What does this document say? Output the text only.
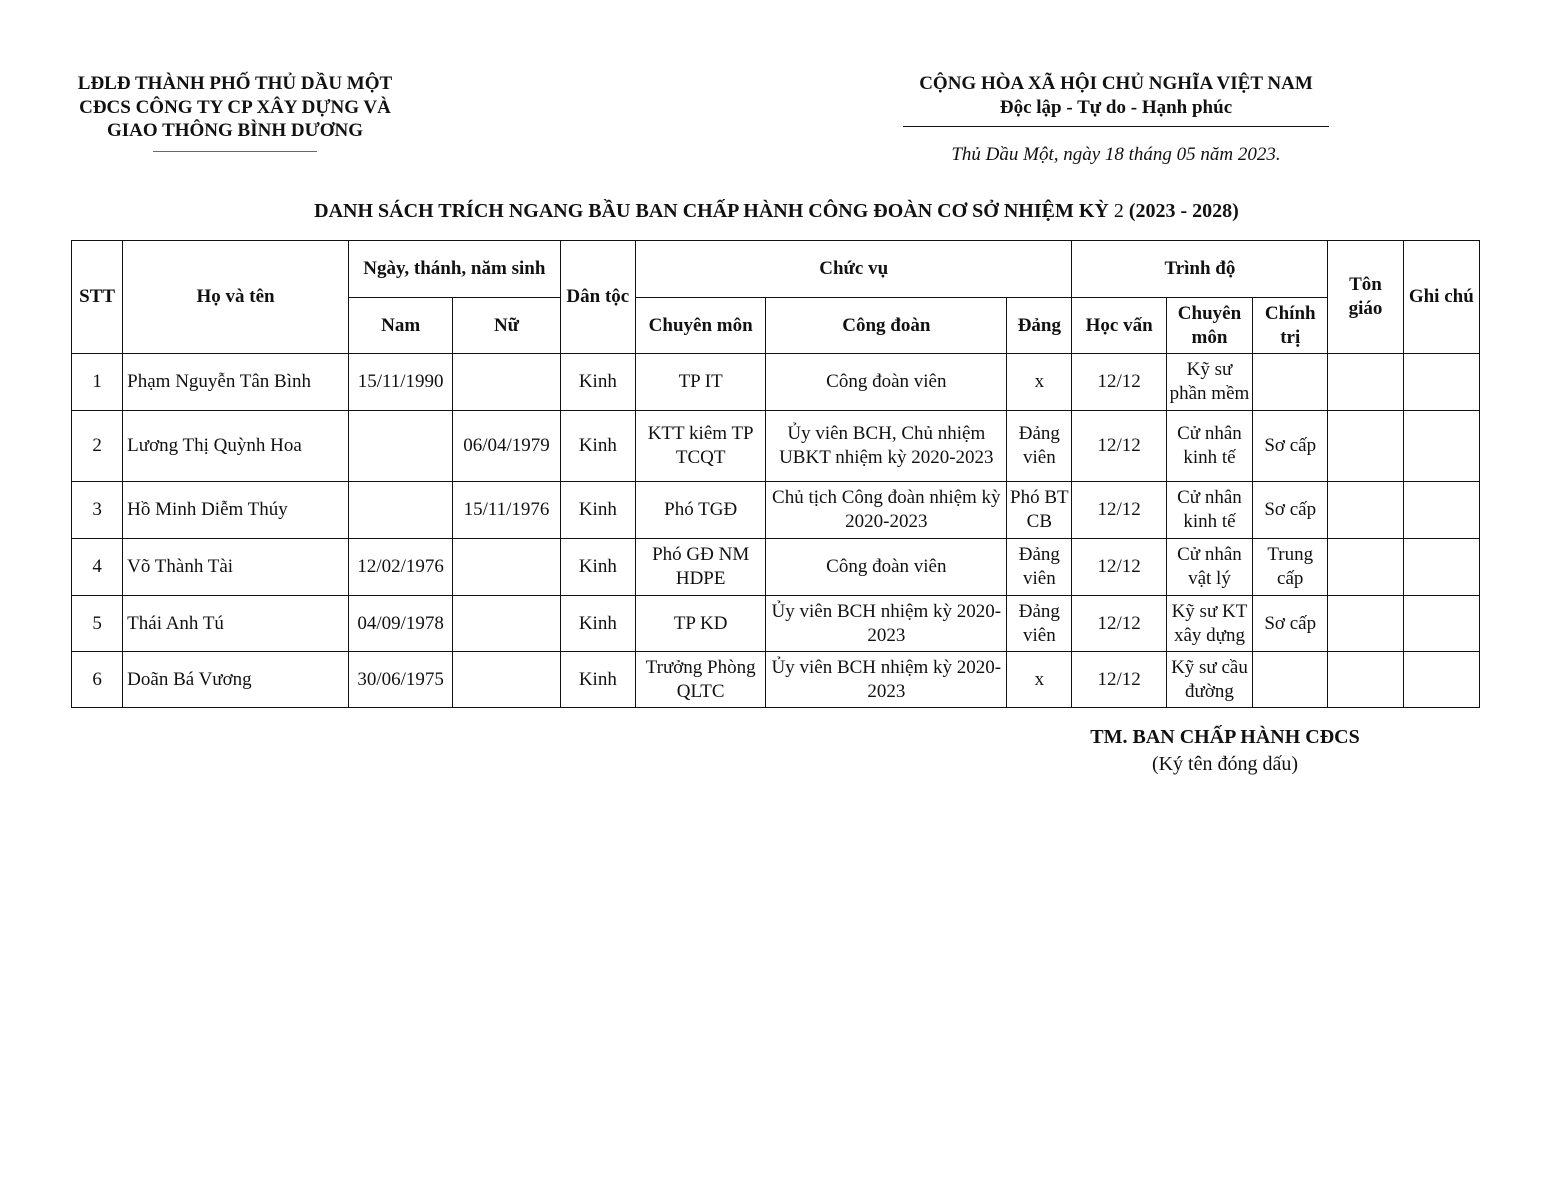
LĐLĐ THÀNH PHỐ THỦ DẦU MỘT
CĐCS CÔNG TY CP XÂY DỰNG VÀ
GIAO THÔNG BÌNH DƯƠNG
CỘNG HÒA XÃ HỘI CHỦ NGHĨA VIỆT NAM
Độc lập - Tự do - Hạnh phúc
Thủ Dầu Một, ngày 18 tháng 05 năm 2023.
DANH SÁCH TRÍCH NGANG BẦU BAN CHẤP HÀNH CÔNG ĐOÀN CƠ SỞ NHIỆM KỲ 2 (2023 - 2028)
STT	Họ và tên	Ngày, thánh, năm sinh		Dân tộc	Chức vụ			Trình độ			Tôn giáo	Ghi chú
		Nam	Nữ		Chuyên môn	Công đoàn	Đảng	Học vấn	Chuyên môn	Chính trị		
1	Phạm Nguyễn Tân Bình	15/11/1990		Kinh	TP IT	Công đoàn viên	x	12/12	Kỹ sư phần mềm			
2	Lương Thị Quỳnh Hoa		06/04/1979	Kinh	KTT kiêm TP TCQT	Ủy viên BCH, Chủ nhiệm UBKT nhiệm kỳ 2020-2023	Đảng viên	12/12	Cử nhân kinh tế	Sơ cấp		
3	Hồ Minh Diễm Thúy		15/11/1976	Kinh	Phó TGĐ	Chủ tịch Công đoàn nhiệm kỳ 2020-2023	Phó BT CB	12/12	Cử nhân kinh tế	Sơ cấp		
4	Võ Thành Tài	12/02/1976		Kinh	Phó GĐ NM HDPE	Công đoàn viên	Đảng viên	12/12	Cử nhân vật lý	Trung cấp		
5	Thái Anh Tú	04/09/1978		Kinh	TP KD	Ủy viên BCH nhiệm kỳ 2020-2023	Đảng viên	12/12	Kỹ sư KT xây dựng	Sơ cấp		
6	Doãn Bá Vương	30/06/1975		Kinh	Trưởng Phòng QLTC	Ủy viên BCH nhiệm kỳ 2020-2023	x	12/12	Kỹ sư cầu đường			
TM. BAN CHẤP HÀNH CĐCS
(Ký tên đóng dấu)
